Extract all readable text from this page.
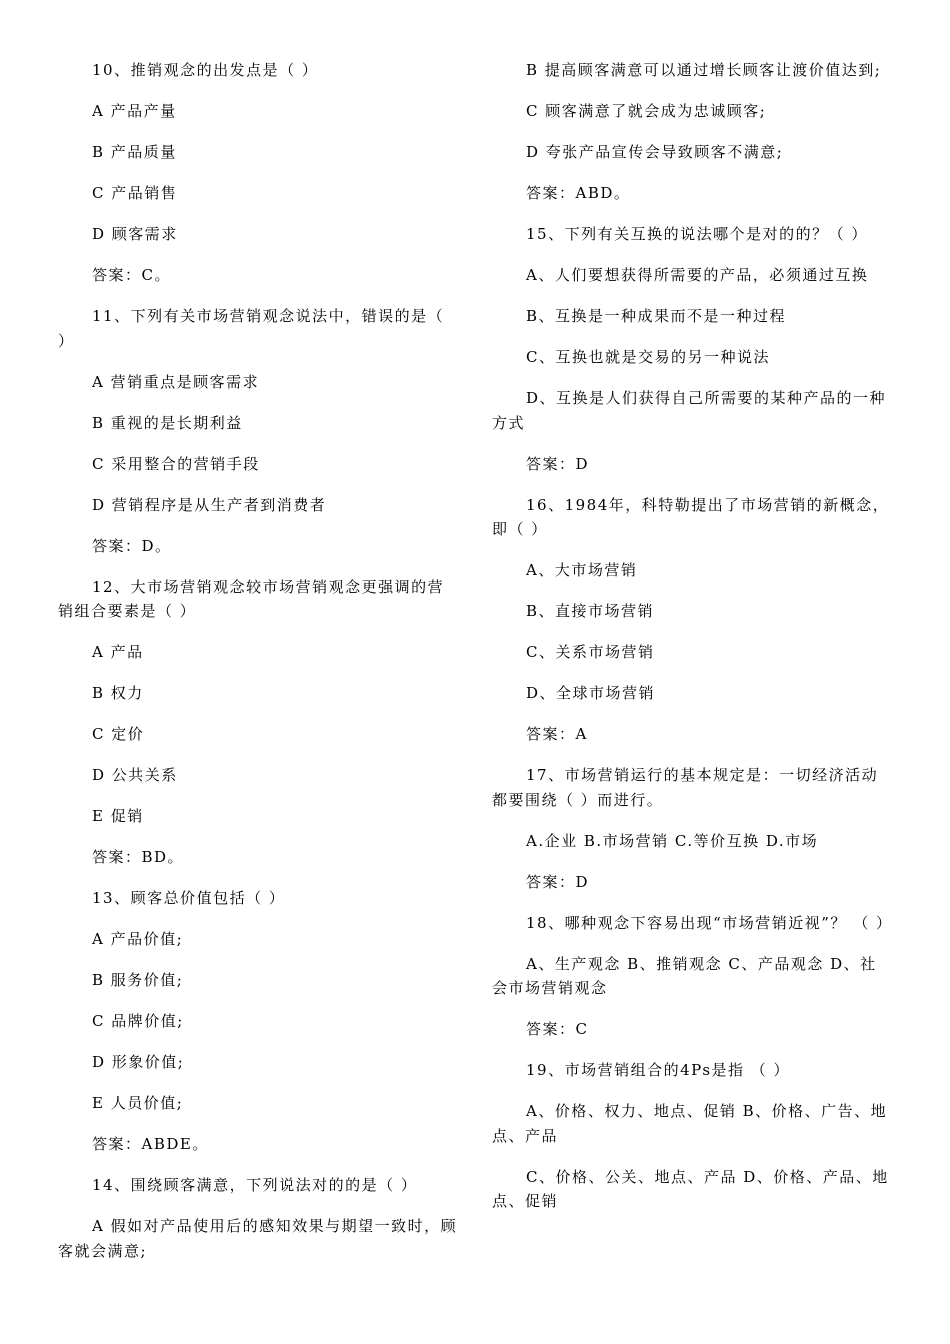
10、推销观念的出发点是（ ）

A 产品产量

B 产品质量

C 产品销售

D 顾客需求

答案：C。

11、下列有关市场营销观念说法中，错误的是（ ）

A 营销重点是顾客需求

B 重视的是长期利益

C 采用整合的营销手段

D 营销程序是从生产者到消费者

答案：D。

12、大市场营销观念较市场营销观念更强调的营销组合要素是（ ）

A 产品

B 权力

C 定价

D 公共关系

E 促销

答案：BD。

13、顾客总价值包括（ ）

A 产品价值;

B 服务价值;

C 品牌价值;

D 形象价值;

E 人员价值;

答案：ABDE。

14、围绕顾客满意，下列说法对的的是（ ）

A 假如对产品使用后的感知效果与期望一致时，顾客就会满意;

B 提高顾客满意可以通过增长顾客让渡价值达到;

C 顾客满意了就会成为忠诚顾客;

D 夸张产品宣传会导致顾客不满意;

答案：ABD。

15、下列有关互换的说法哪个是对的的？（ ）

A、人们要想获得所需要的产品，必须通过互换

B、互换是一种成果而不是一种过程

C、互换也就是交易的另一种说法

D、互换是人们获得自己所需要的某种产品的一种方式

答案：D

16、1984年，科特勒提出了市场营销的新概念，即（ ）

A、大市场营销

B、直接市场营销

C、关系市场营销

D、全球市场营销

答案：A

17、市场营销运行的基本规定是：一切经济活动都要围绕（ ）而进行。

A.企业 B.市场营销 C.等价互换 D.市场

答案：D

18、哪种观念下容易出现“市场营销近视”？ （ ）

A、生产观念 B、推销观念 C、产品观念 D、社会市场营销观念

答案：C

19、市场营销组合的4Ps是指 （ ）

A、价格、权力、地点、促销 B、价格、广告、地点、产品

C、价格、公关、地点、产品 D、价格、产品、地点、促销
